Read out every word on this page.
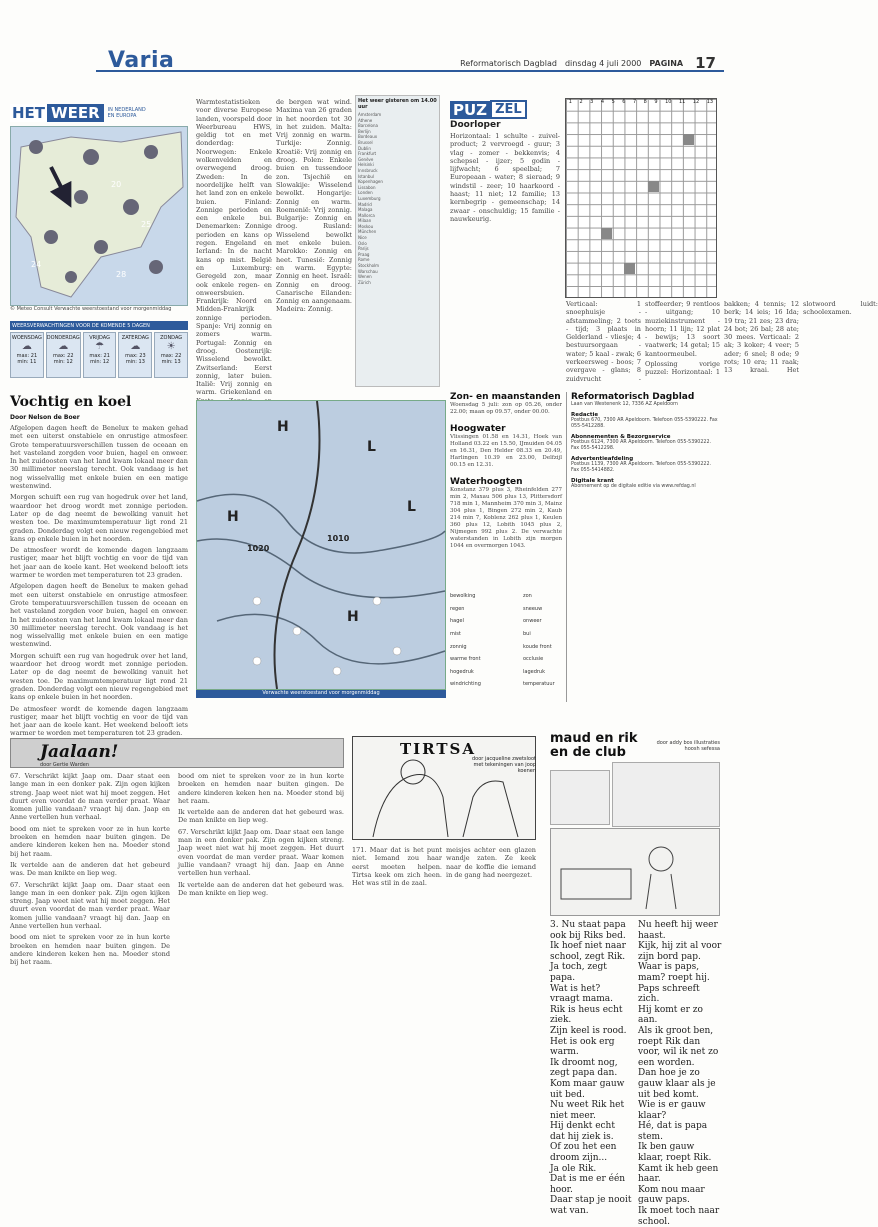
Varia	Reformatorisch Dagblad dinsdag 4 juli 2000 PAGINA 17
HET WEER	IN NEDERLAND
EN EUROPA
20
25
28
24
© Meteo Consult Verwachte weerstoestand voor morgenmiddag
WEERSVERWACHTINGEN VOOR DE KOMENDE 5 DAGEN
WOENSDAG
☁
max: 21
min: 11
DONDERDAG
☁
max: 22
min: 12
VRIJDAG
☂
max: 21
min: 12
ZATERDAG
☁
max: 23
min: 13
ZONDAG
☀
max: 22
min: 13
Vochtig en koel
Door Nelson de Boer

Afgelopen dagen heeft de Benelux te maken gehad met een uiterst onstabiele en onrustige atmosfeer. Grote temperatuursverschillen tussen de oceaan en het vasteland zorgden voor buien, hagel en onweer. In het zuidoosten van het land kwam lokaal meer dan 30 millimeter neerslag terecht. Ook vandaag is het nog wisselvallig met enkele buien en een matige westenwind.

Morgen schuift een rug van hogedruk over het land, waardoor het droog wordt met zonnige perioden. Later op de dag neemt de bewolking vanuit het westen toe. De maximumtemperatuur ligt rond 21 graden. Donderdag volgt een nieuw regengebied met kans op enkele buien in het noorden.

De atmosfeer wordt de komende dagen langzaam rustiger, maar het blijft vochtig en voor de tijd van het jaar aan de koele kant. Het weekend belooft iets warmer te worden met temperaturen tot 23 graden.

Afgelopen dagen heeft de Benelux te maken gehad met een uiterst onstabiele en onrustige atmosfeer. Grote temperatuursverschillen tussen de oceaan en het vasteland zorgden voor buien, hagel en onweer. In het zuidoosten van het land kwam lokaal meer dan 30 millimeter neerslag terecht. Ook vandaag is het nog wisselvallig met enkele buien en een matige westenwind.

Morgen schuift een rug van hogedruk over het land, waardoor het droog wordt met zonnige perioden. Later op de dag neemt de bewolking vanuit het westen toe. De maximumtemperatuur ligt rond 21 graden. Donderdag volgt een nieuw regengebied met kans op enkele buien in het noorden.

De atmosfeer wordt de komende dagen langzaam rustiger, maar het blijft vochtig en voor de tijd van het jaar aan de koele kant. Het weekend belooft iets warmer te worden met temperaturen tot 23 graden.

Warmtestatistieken voor diverse Europese landen, voorspeld door Weerbureau HWS, geldig tot en met donderdag: Noorwegen: Enkele wolkenvelden en overwegend droog. Zweden: In de noordelijke helft van het land zon en enkele buien. Finland: Zonnige perioden en een enkele bui. Denemarken: Zonnige perioden en kans op regen. Engeland en Ierland: In de nacht kans op mist. België en Luxemburg: Geregeld zon, maar ook enkele regen- en onweersbuien. Frankrijk: Noord en Midden-Frankrijk zonnige perioden. Spanje: Vrij zonnig en zomers warm. Portugal: Zonnig en droog. Oostenrijk: Wisselend bewolkt. Zwitserland: Eerst zonnig, later buien. Italië: Vrij zonnig en warm. Griekenland en
de bergen wat wind. Maxima van 26 graden in het noorden tot 30 in het zuiden. Malta: Vrij zonnig en warm. Turkije: Zonnig. Kroatië: Vrij zonnig en droog. Polen: Enkele buien en tussendoor zon. Tsjechië en Slowakije: Wisselend bewolkt. Hongarije: Zonnig en warm. Roemenië: Vrij zonnig. Bulgarije: Zonnig en droog. Rusland: Wisselend bewolkt met enkele buien. Marokko: Zonnig en heet. Tunesië: Zonnig en warm. Egypte: Zonnig en heet. Israël: Zonnig en droog. Canarische Eilanden: Zonnig en aangenaam. Madeira: Zonnig.
Het weer gisteren om 14.00 uur
Amsterdam
Athene
Barcelona
Berlijn
Bordeaux
Brussel
Dublin
Frankfurt
Genève
Helsinki
Innsbruck
Istanbul
Kopenhagen
Lissabon
Londen
Luxemburg
Madrid
Malaga
Mallorca
Milaan
Moskou
München
Nice
Oslo
Parijs
Praag
Rome
Stockholm
Warschau
Wenen
Zürich
PUZ ZEL
Doorloper
Horizontaal: 1 schulte - zuivel-product; 2 vervroegd - guur; 3 vlag - zomer - bekkenvis; 4 schepsel - ijzer; 5 godin - lijfwacht; 6 speelbal; 7 Europeaan - water; 8 sieraad; 9 windstil - zeer; 10 haarkoord - haast; 11 niet; 12 familie; 13 kernbegrip - gemeenschap; 14 zwaar - onschuldig; 15 familie - nauwkeurig.
1 2 3 4 5 6 7 8 9 10 11 12 13

Verticaal: 1 snoephuisje - afstammeling; 2 toets - tijd; 3 plaats in Gelderland - vliesje; 4 bestuursorgaan - water; 5 kaal - zwak; 6 verkeersweg - boos; 7 overgave - glans; 8 zuidvrucht - stoffeerder; 9 rentloos - uitgang; 10 muziekinstrument - hoorn; 11 lijn; 12 plat - bewijs; 13 soort vaatwerk; 14 getal; 15 kantoormeubel.

Oplossing vorige puzzel: Horizontaal: 1 bakken; 4 tennis; 12 berk; 14 ieis; 16 Ida; 19 tra; 21 zes; 23 dra; 24 bot; 26 bal; 28 ate; 30 mees. Verticaal: 2 ak; 3 koker; 4 veer; 5 ader; 6 snel; 8 ode; 9 rots; 10 era; 11 raak; 13 kraai. Het slotwoord luidt: schoolexamen.

H
L
H
L
H
1020
1010
Verwachte weerstoestand voor morgenmiddag
Zon- en maanstanden
Woensdag 5 juli: zon op 05.26, onder 22.00; maan op 09.57, onder 00.00.
Hoogwater
Vlissingen 01.58 en 14.31, Hoek van Holland 03.22 en 15.50, IJmuiden 04.05 en 16.31, Den Helder 08.33 en 20.49, Harlingen 10.39 en 23.00, Delfzijl 00.15 en 12.31.
Waterhoogten
Konstanz 379 plus 3, Rheinfelden 277 min 2, Maxau 506 plus 13, Plittersdorf 718 min 1, Mannheim 370 min 3, Mainz 304 plus 1, Bingen 272 min 2, Kaub 214 min 7, Koblenz 262 plus 1, Keulen 360 plus 12, Lobith 1045 plus 2, Nijmegen 992 plus 2. De verwachte waterstanden in Lobith zijn morgen 1044 en overmorgen 1043.
bewolking	zon
regen	sneeuw
hagel	onweer
mist	bui
zonnig	koude front
warme front	occlusie
hogedruk	lagedruk
windrichting	temperatuur
Reformatorisch Dagblad
Laan van Westenenk 12, 7336 AZ Apeldoorn
Redactie
Postbus 670, 7300 AR Apeldoorn. Telefoon 055-5390222. Fax 055-5412288.
Abonnementen & Bezorgservice
Postbus 6124, 7300 AR Apeldoorn. Telefoon 055-5390222. Fax 055-5412298.
Advertentieafdeling
Postbus 1139, 7300 AR Apeldoorn. Telefoon 055-5390222. Fax 055-5414882.
Digitale krant
Abonnement op de digitale editie via www.refdag.nl
Jaalaan!
door Gertie Warden

67. Verschrikt kijkt Jaap om. Daar staat een lange man in een donker pak. Zijn ogen kijken streng. Jaap weet niet wat hij moet zeggen. Het duurt even voordat de man verder praat. Waar komen jullie vandaan? vraagt hij dan. Jaap en Anne vertellen hun verhaal.

bood om niet te spreken voor ze in hun korte broeken en hemden naar buiten gingen. De andere kinderen keken hen na. Moeder stond bij het raam.

Ik vertelde aan de anderen dat het gebeurd was. De man knikte en liep weg.

67. Verschrikt kijkt Jaap om. Daar staat een lange man in een donker pak. Zijn ogen kijken streng. Jaap weet niet wat hij moet zeggen. Het duurt even voordat de man verder praat. Waar komen jullie vandaan? vraagt hij dan. Jaap en Anne vertellen hun verhaal.

bood om niet te spreken voor ze in hun korte broeken en hemden naar buiten gingen. De andere kinderen keken hen na. Moeder stond bij het raam.

bood om niet te spreken voor ze in hun korte broeken en hemden naar buiten gingen. De andere kinderen keken hen na. Moeder stond bij het raam.

Ik vertelde aan de anderen dat het gebeurd was. De man knikte en liep weg.

67. Verschrikt kijkt Jaap om. Daar staat een lange man in een donker pak. Zijn ogen kijken streng. Jaap weet niet wat hij moet zeggen. Het duurt even voordat de man verder praat. Waar komen jullie vandaan? vraagt hij dan. Jaap en Anne vertellen hun verhaal.

Ik vertelde aan de anderen dat het gebeurd was. De man knikte en liep weg.

TIRTSA
door jacqueline zwetsloot met tekeningen van joop koenen
171. Maar dat is het punt niet. Iemand zou haar eerst moeten helpen. Tirtsa keek om zich heen. Het was stil in de zaal.
meisjes achter een glazen wandje zaten. Ze keek naar de koffie die iemand in de gang had neergezet.
maud en rik
en de club
door addy bos illustraties hoosh sefessa
3. Nu staat papa ook bij Riks bed.
Ik hoef niet naar school, zegt Rik.
Ja toch, zegt papa.
Wat is het? vraagt mama.
Rik is heus echt ziek.
Zijn keel is rood.
Het is ook erg warm.
Ik droomt nog, zegt papa dan.
Kom maar gauw uit bed.
Nu weet Rik het niet meer.
Hij denkt echt dat hij ziek is.
Of zou het een droom zijn...
Ja ole Rik.
Dat is me er één hoor.
Daar stap je nooit wat van.
Nu heeft hij weer haast.
Kijk, hij zit al voor zijn bord pap.
Waar is paps, mam? roept hij.
Paps schreeft zich.
Hij komt er zo aan.
Als ik groot ben, roept Rik dan voor, wil ik net zo een worden.
Dan hoe je zo gauw klaar als je uit bed komt.
Wie is er gauw klaar?
Hé, dat is papa stem.
Ik ben gauw klaar, roept Rik.
Kamt ik heb geen haar.
Kom nou maar gauw paps.
Ik moet toch naar school.
